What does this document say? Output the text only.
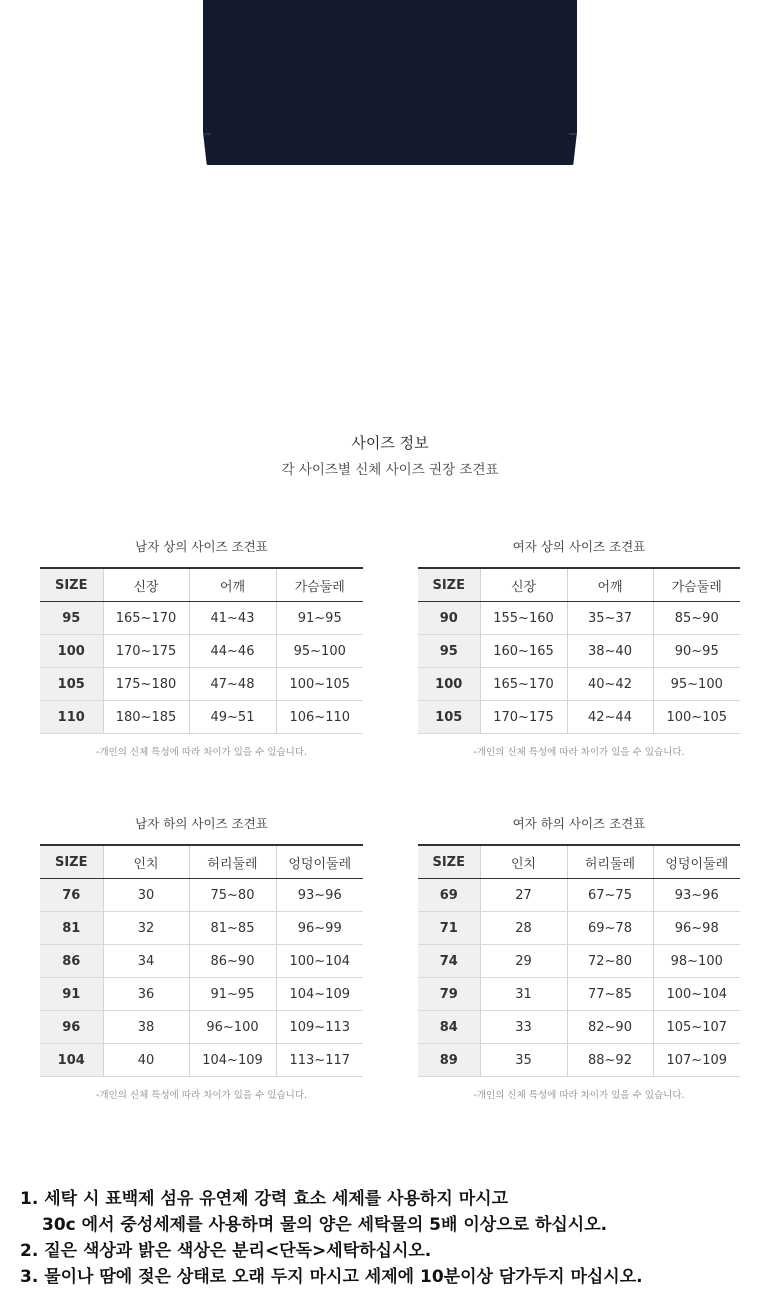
사이즈 정보
각 사이즈별 신체 사이즈 권장 조견표
남자 상의 사이즈 조견표
SIZE	신장	어깨	가슴둘레
95	165~170	41~43	91~95
100	170~175	44~46	95~100
105	175~180	47~48	100~105
110	180~185	49~51	106~110
-개인의 신체 특성에 따라 차이가 있을 수 있습니다.
여자 상의 사이즈 조견표
SIZE	신장	어깨	가슴둘레
90	155~160	35~37	85~90
95	160~165	38~40	90~95
100	165~170	40~42	95~100
105	170~175	42~44	100~105
-개인의 신체 특성에 따라 차이가 있을 수 있습니다.
남자 하의 사이즈 조견표
SIZE	인치	허리둘레	엉덩이둘레
76	30	75~80	93~96
81	32	81~85	96~99
86	34	86~90	100~104
91	36	91~95	104~109
96	38	96~100	109~113
104	40	104~109	113~117
-개인의 신체 특성에 따라 차이가 있을 수 있습니다.
여자 하의 사이즈 조견표
SIZE	인치	허리둘레	엉덩이둘레
69	27	67~75	93~96
71	28	69~78	96~98
74	29	72~80	98~100
79	31	77~85	100~104
84	33	82~90	105~107
89	35	88~92	107~109
-개인의 신체 특성에 따라 차이가 있을 수 있습니다.
1. 세탁 시 표백제 섬유 유연제 강력 효소 세제를 사용하지 마시고
30c 에서 중성세제를 사용하며 물의 양은 세탁물의 5배 이상으로 하십시오.
2. 짙은 색상과 밝은 색상은 분리<단독>세탁하십시오.
3. 물이나 땀에 젖은 상태로 오래 두지 마시고 세제에 10분이상 담가두지 마십시오.
